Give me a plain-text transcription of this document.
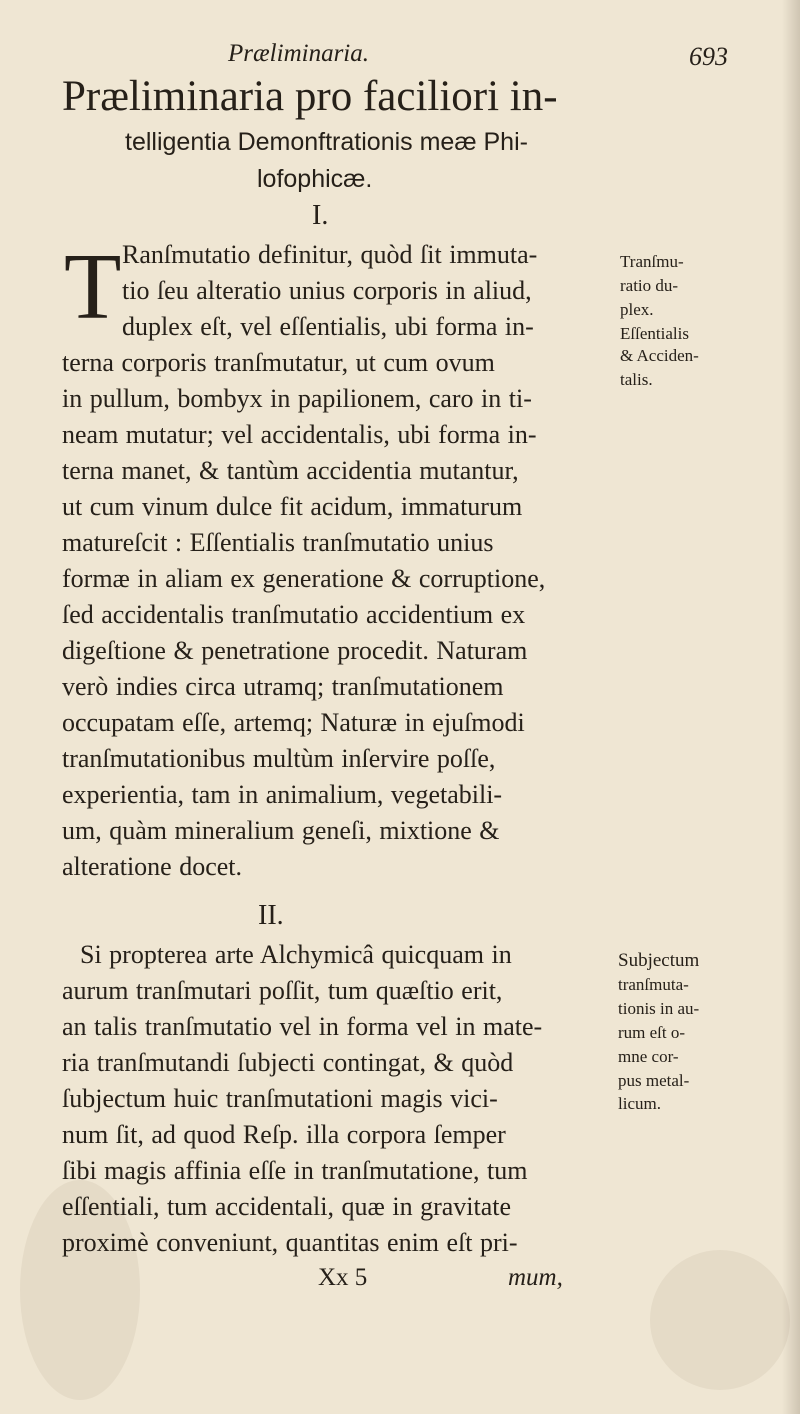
Præliminaria.	693
Præliminaria pro faciliori in-
telligentia Demonftrationis meæ Phi-
lofophicæ.
I.
T Ranſmutatio definitur, quòd ſit immuta-
tio ſeu alteratio unius corporis in aliud,
duplex eſt, vel eſſentialis, ubi forma in-
terna corporis tranſmutatur, ut cum ovum
in pullum, bombyx in papilionem, caro in ti-
neam mutatur; vel accidentalis, ubi forma in-
terna manet, & tantùm accidentia mutantur,
ut cum vinum dulce fit acidum, immaturum
matureſcit : Eſſentialis tranſmutatio unius
formæ in aliam ex generatione & corruptione,
ſed accidentalis tranſmutatio accidentium ex
digeſtione & penetratione procedit. Naturam
verò indies circa utramq; tranſmutationem
occupatam eſſe, artemq; Naturæ in ejuſmodi
tranſmutationibus multùm inſervire poſſe,
experientia, tam in animalium, vegetabili-
um, quàm mineralium geneſi, mixtione &
alteratione docet.
Tranſmu-
ratio du-
plex.
Eſſentialis
& Acciden-
talis.
II.
Si propterea arte Alchymicâ quicquam in
aurum tranſmutari poſſit, tum quæſtio erit,
an talis tranſmutatio vel in forma vel in mate-
ria tranſmutandi ſubjecti contingat, & quòd
ſubjectum huic tranſmutationi magis vici-
num ſit, ad quod Reſp. illa corpora ſemper
ſibi magis affinia eſſe in tranſmutatione, tum
eſſentiali, tum accidentali, quæ in gravitate
proximè conveniunt, quantitas enim eſt pri-
Subjectum
tranſmuta-
tionis in au-
rum eſt o-
mne cor-
pus metal-
licum.
Xx 5	mum,
